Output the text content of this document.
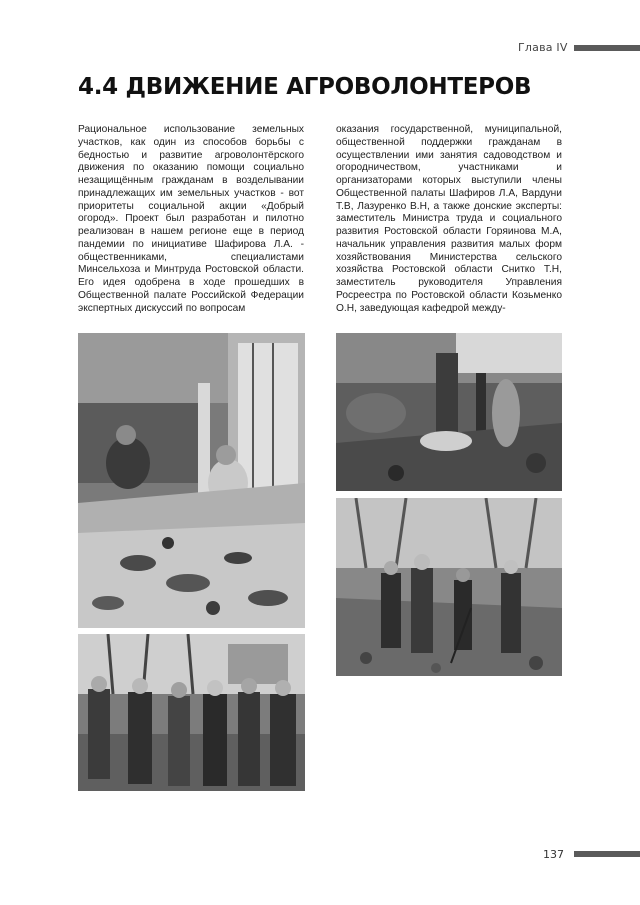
Глава IV
4.4 ДВИЖЕНИЕ АГРОВОЛОНТЕРОВ
Рациональное использование земельных участков, как один из способов борьбы с бедностью и развитие агроволонтёрского движения по оказанию помощи социально незащищённым гражданам в возделывании принадлежащих им земельных участков - вот приоритеты социальной акции «Добрый огород». Проект был разработан и пилотно реализован в нашем регионе еще в период пандемии по инициативе Шафирова Л.А. - общественниками, специалистами Минсельхоза и Минтруда Ростовской области. Его идея одобрена в ходе прошедших в Общественной палате Российской Федерации экспертных дискуссий по вопросам
оказания государственной, муниципальной, общественной поддержки гражданам в осуществлении ими занятия садоводством и огородничеством, участниками и организаторами которых выступили члены Общественной палаты Шафиров Л.А, Вардуни Т.В, Лазуренко В.Н, а также донские эксперты: заместитель Министра труда и социального развития Ростовской области Горяинова М.А, начальник управления развития малых форм хозяйствования Министерства сельского хозяйства Ростовской области Снитко Т.Н, заместитель руководителя Управления Росреестра по Ростовской области Козьменко О.Н, заведующая кафедрой между-
137
